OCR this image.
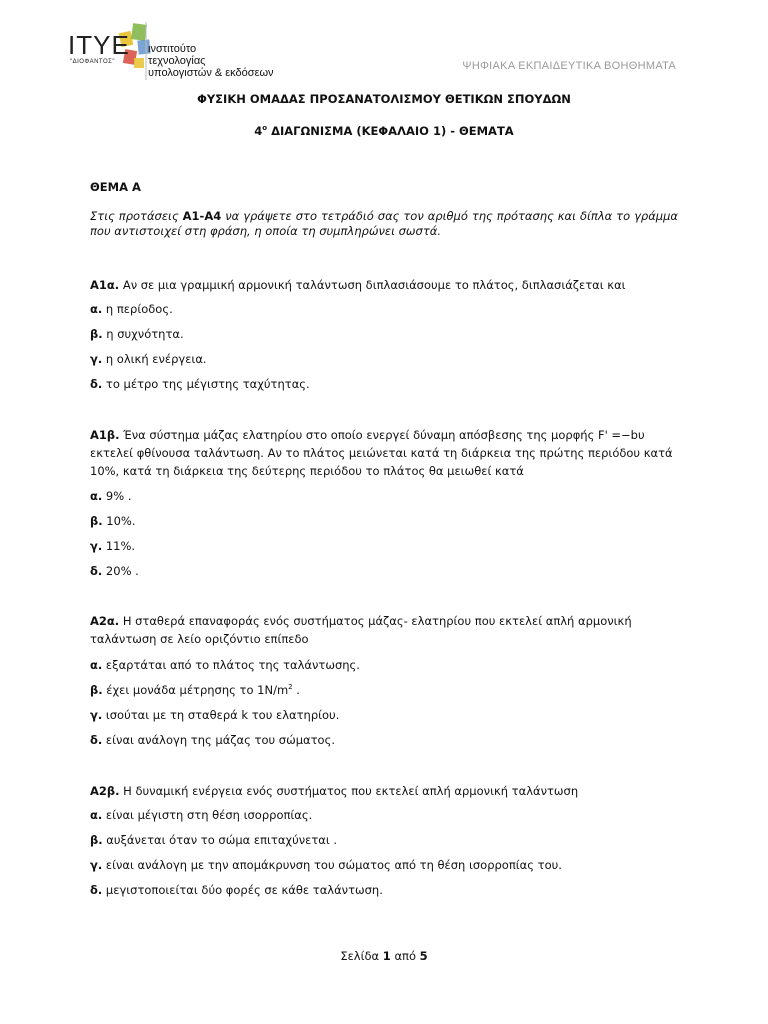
ITYE
"ΔΙΟΦΑΝΤΟΣ"
ινστιτούτο
τεχνολογίας
υπολογιστών & εκδόσεων
ΨΗΦΙΑΚΑ ΕΚΠΑΙΔΕΥΤΙΚΑ ΒΟΗΘΗΜΑΤΑ
ΦΥΣΙΚΗ ΟΜΑΔΑΣ ΠΡΟΣΑΝΑΤΟΛΙΣΜΟΥ ΘΕΤΙΚΩΝ ΣΠΟΥΔΩΝ
$4^o$ ΔΙΑΓΩΝΙΣΜΑ (ΚΕΦΑΛΑΙΟ 1) - ΘΕΜΑΤΑ
ΘΕΜΑ Α
Στις προτάσεις Α1-Α4 να γράψετε στο τετράδιό σας τον αριθμό της πρότασης και δίπλα το γράμμα που αντιστοιχεί στη φράση, η οποία τη συμπληρώνει σωστά.
A1α. Αν σε μια γραμμική αρμονική ταλάντωση διπλασιάσουμε το πλάτος, διπλασιάζεται και
α. η περίοδος.
β. η συχνότητα.
γ. η ολική ενέργεια.
δ. το μέτρο της μέγιστης ταχύτητας.
A1β. Ένα σύστημα μάζας ελατηρίου στο οποίο ενεργεί δύναμη απόσβεσης της μορφής F' =−bυ εκτελεί φθίνουσα ταλάντωση. Αν το πλάτος μειώνεται κατά τη διάρκεια της πρώτης περιόδου κατά 10%, κατά τη διάρκεια της δεύτερης περιόδου το πλάτος θα μειωθεί κατά
α. 9% .
β. 10%.
γ. 11%.
δ. 20% .
A2α. Η σταθερά επαναφοράς ενός συστήματος μάζας- ελατηρίου που εκτελεί απλή αρμονική ταλάντωση σε λείο οριζόντιο επίπεδο
α. εξαρτάται από το πλάτος της ταλάντωσης.
β. έχει μονάδα μέτρησης το $1N/m^2$ .
γ. ισούται με τη σταθερά k του ελατηρίου.
δ. είναι ανάλογη της μάζας του σώματος.
A2β. Η δυναμική ενέργεια ενός συστήματος που εκτελεί απλή αρμονική ταλάντωση
α. είναι μέγιστη στη θέση ισορροπίας.
β. αυξάνεται όταν το σώμα επιταχύνεται .
γ. είναι ανάλογη με την απομάκρυνση του σώματος από τη θέση ισορροπίας του.
δ. μεγιστοποιείται δύο φορές σε κάθε ταλάντωση.
Σελίδα 1 από 5
